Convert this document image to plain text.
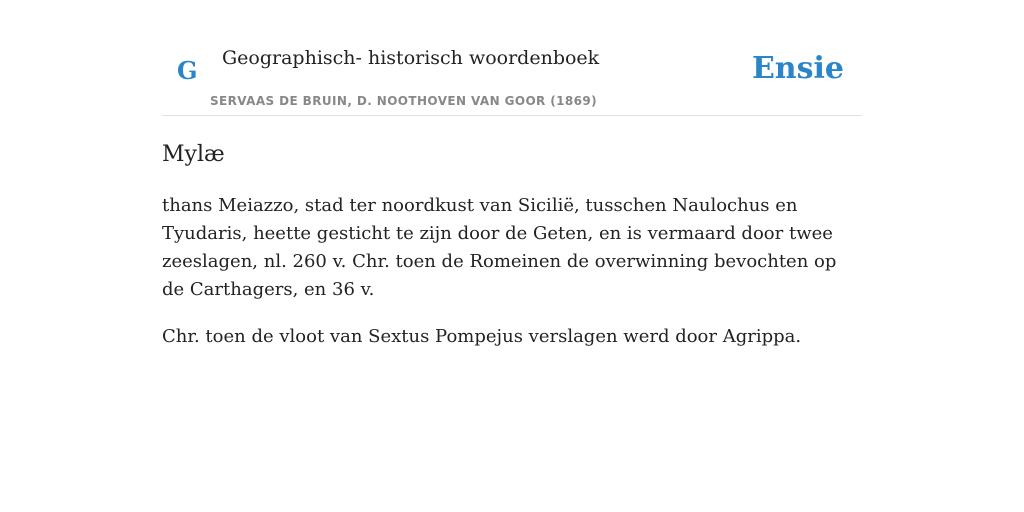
G Geographisch- historisch woordenboek
SERVAAS DE BRUIN, D. NOOTHOVEN VAN GOOR (1869)
Ensie
Mylæ

thans Meiazzo, stad ter noordkust van Sicilië, tusschen Naulochus en Tyudaris, heette gesticht te zijn door de Geten, en is vermaard door twee zeeslagen, nl. 260 v. Chr. toen de Romeinen de overwinning bevochten op de Carthagers, en 36 v.

Chr. toen de vloot van Sextus Pompejus verslagen werd door Agrippa.
